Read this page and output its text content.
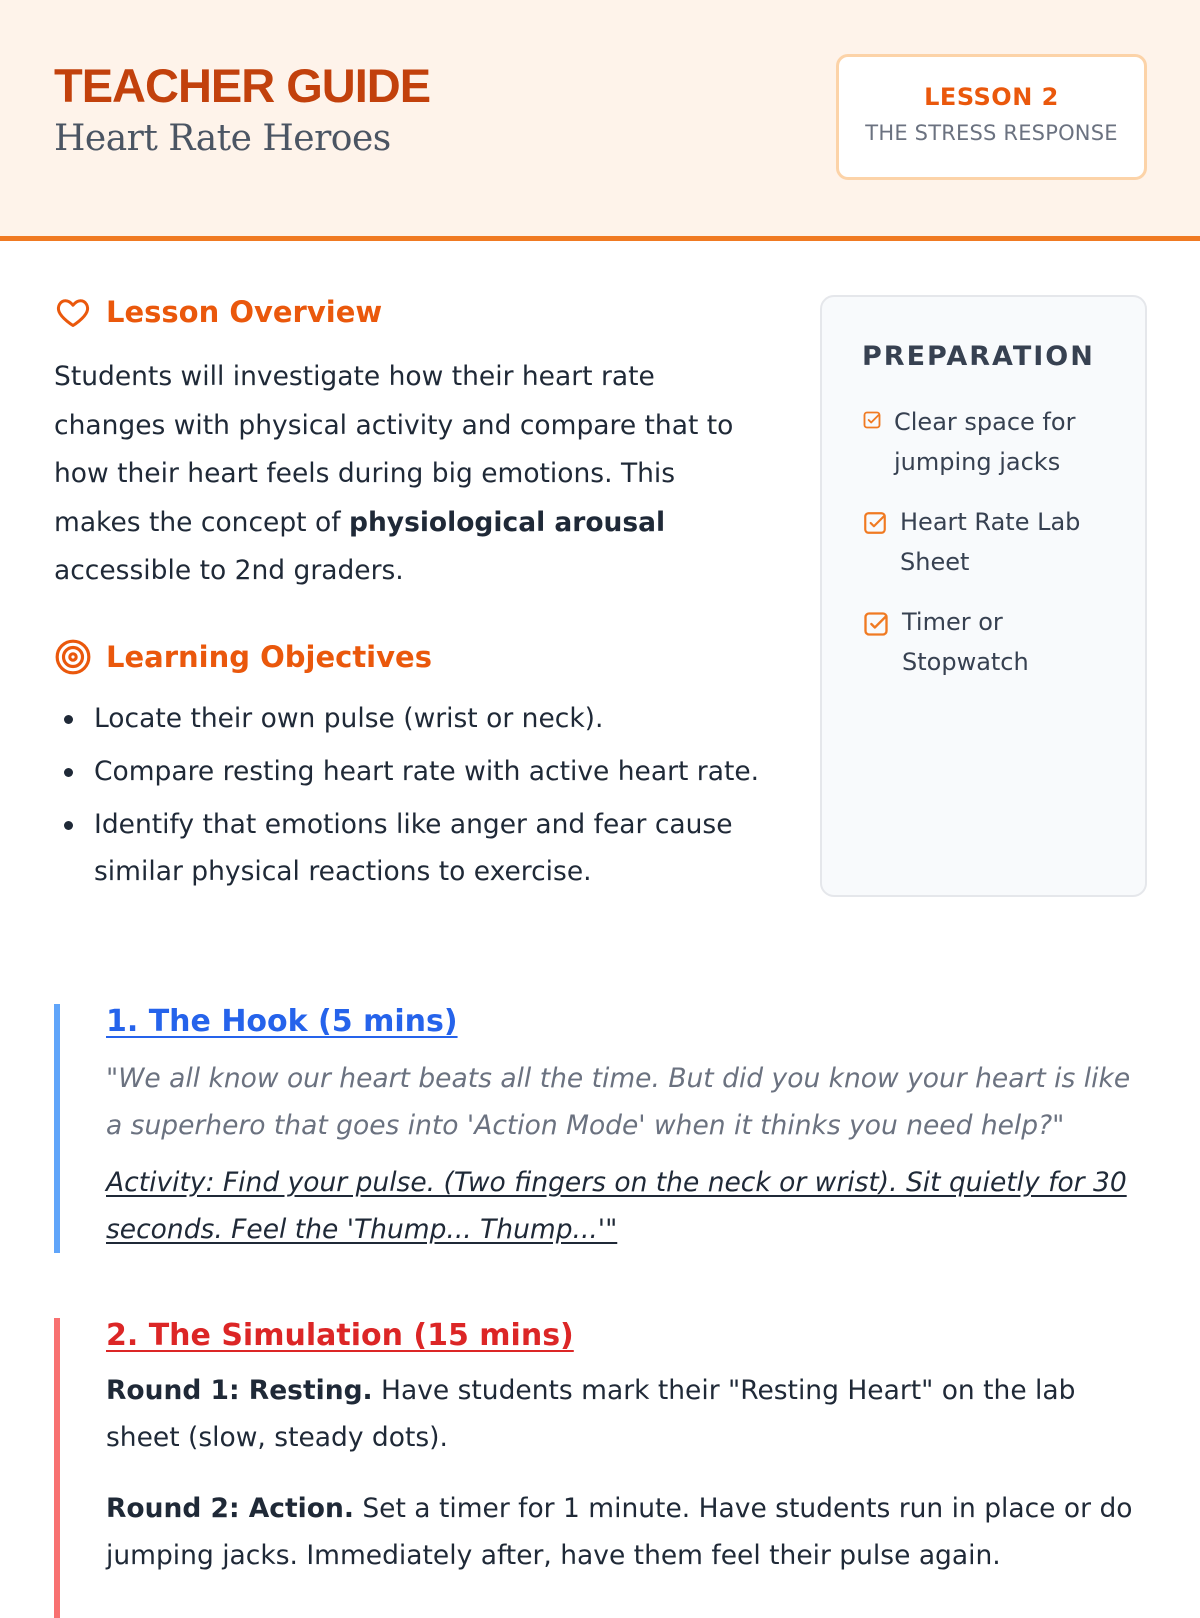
TEACHER GUIDE
Heart Rate Heroes
LESSON 2
THE STRESS RESPONSE
Lesson Overview

Students will investigate how their heart rate changes with physical activity and compare that to how their heart feels during big emotions. This makes the concept of physiological arousal accessible to 2nd graders.

Learning Objectives
Locate their own pulse (wrist or neck).
Compare resting heart rate with active heart rate.
Identify that emotions like anger and fear cause similar physical reactions to exercise.
PREPARATION
Clear space for jumping jacks
Heart Rate Lab Sheet
Timer or Stopwatch
1. The Hook (5 mins)

"We all know our heart beats all the time. But did you know your heart is like a superhero that goes into 'Action Mode' when it thinks you need help?"

Activity: Find your pulse. (Two fingers on the neck or wrist). Sit quietly for 30 seconds. Feel the 'Thump... Thump...'"

2. The Simulation (15 mins)

Round 1: Resting. Have students mark their "Resting Heart" on the lab sheet (slow, steady dots).

Round 2: Action. Set a timer for 1 minute. Have students run in place or do jumping jacks. Immediately after, have them feel their pulse again.
